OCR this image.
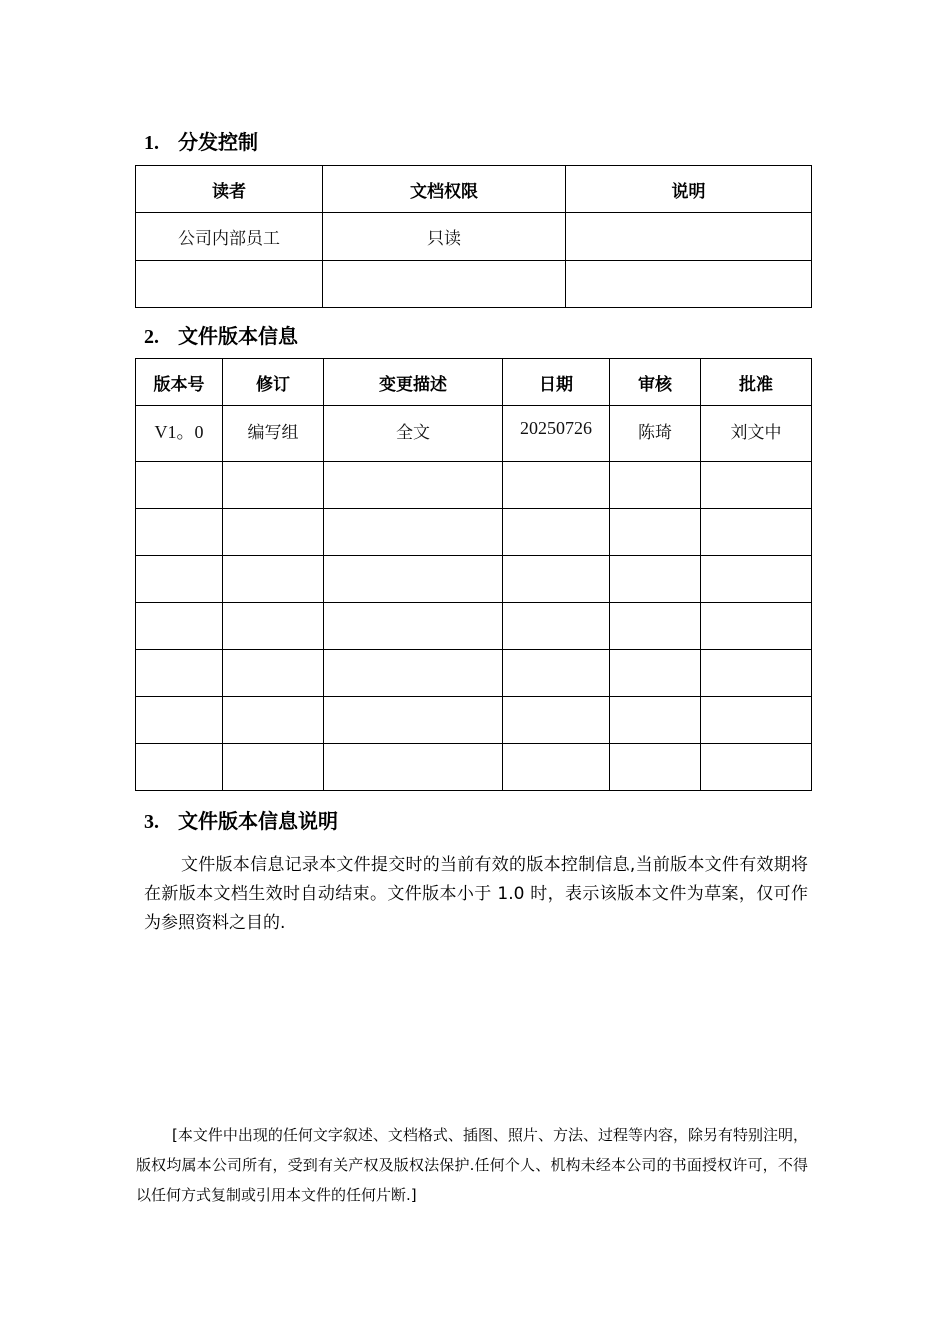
1. 分发控制
读者	文档权限	说明
公司内部员工	只读	

2. 文件版本信息
版本号	修订	变更描述	日期	审核	批准
V1。0	编写组	全文	20250726	陈琦	刘文中

3. 文件版本信息说明
文件版本信息记录本文件提交时的当前有效的版本控制信息,当前版本文件有效期将在新版本文档生效时自动结束。文件版本小于 1.0 时，表示该版本文件为草案，仅可作为参照资料之目的.
[本文件中出现的任何文字叙述、文档格式、插图、照片、方法、过程等内容，除另有特别注明，版权均属本公司所有，受到有关产权及版权法保护.任何个人、机构未经本公司的书面授权许可，不得以任何方式复制或引用本文件的任何片断.]
